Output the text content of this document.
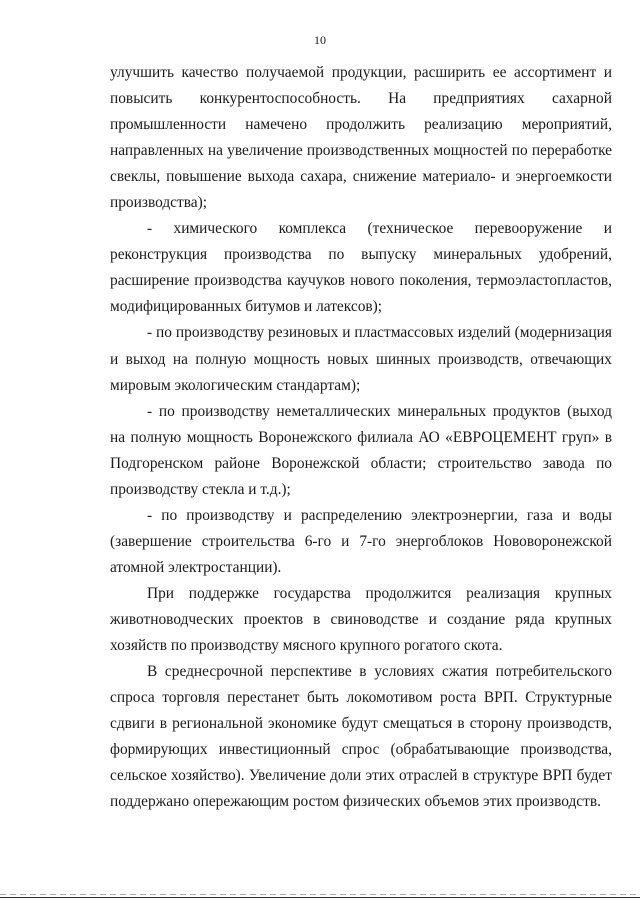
10

улучшить качество получаемой продукции, расширить ее ассортимент и повысить конкурентоспособность. На предприятиях сахарной промышленности намечено продолжить реализацию мероприятий, направленных на увеличение производственных мощностей по переработке свеклы, повышение выхода сахара, снижение материало- и энергоемкости производства);

- химического комплекса (техническое перевооружение и реконструкция производства по выпуску минеральных удобрений, расширение производства каучуков нового поколения, термоэластопластов, модифицированных битумов и латексов);

- по производству резиновых и пластмассовых изделий (модернизация и выход на полную мощность новых шинных производств, отвечающих мировым экологическим стандартам);

- по производству неметаллических минеральных продуктов (выход на полную мощность Воронежского филиала АО «ЕВРОЦЕМЕНТ груп» в Подгоренском районе Воронежской области; строительство завода по производству стекла и т.д.);

- по производству и распределению электроэнергии, газа и воды (завершение строительства 6-го и 7-го энергоблоков Нововоронежской атомной электростанции).

При поддержке государства продолжится реализация крупных животноводческих проектов в свиноводстве и создание ряда крупных хозяйств по производству мясного крупного рогатого скота.

В среднесрочной перспективе в условиях сжатия потребительского спроса торговля перестанет быть локомотивом роста ВРП. Структурные сдвиги в региональной экономике будут смещаться в сторону производств, формирующих инвестиционный спрос (обрабатывающие производства, сельское хозяйство). Увеличение доли этих отраслей в структуре ВРП будет поддержано опережающим ростом физических объемов этих производств.
